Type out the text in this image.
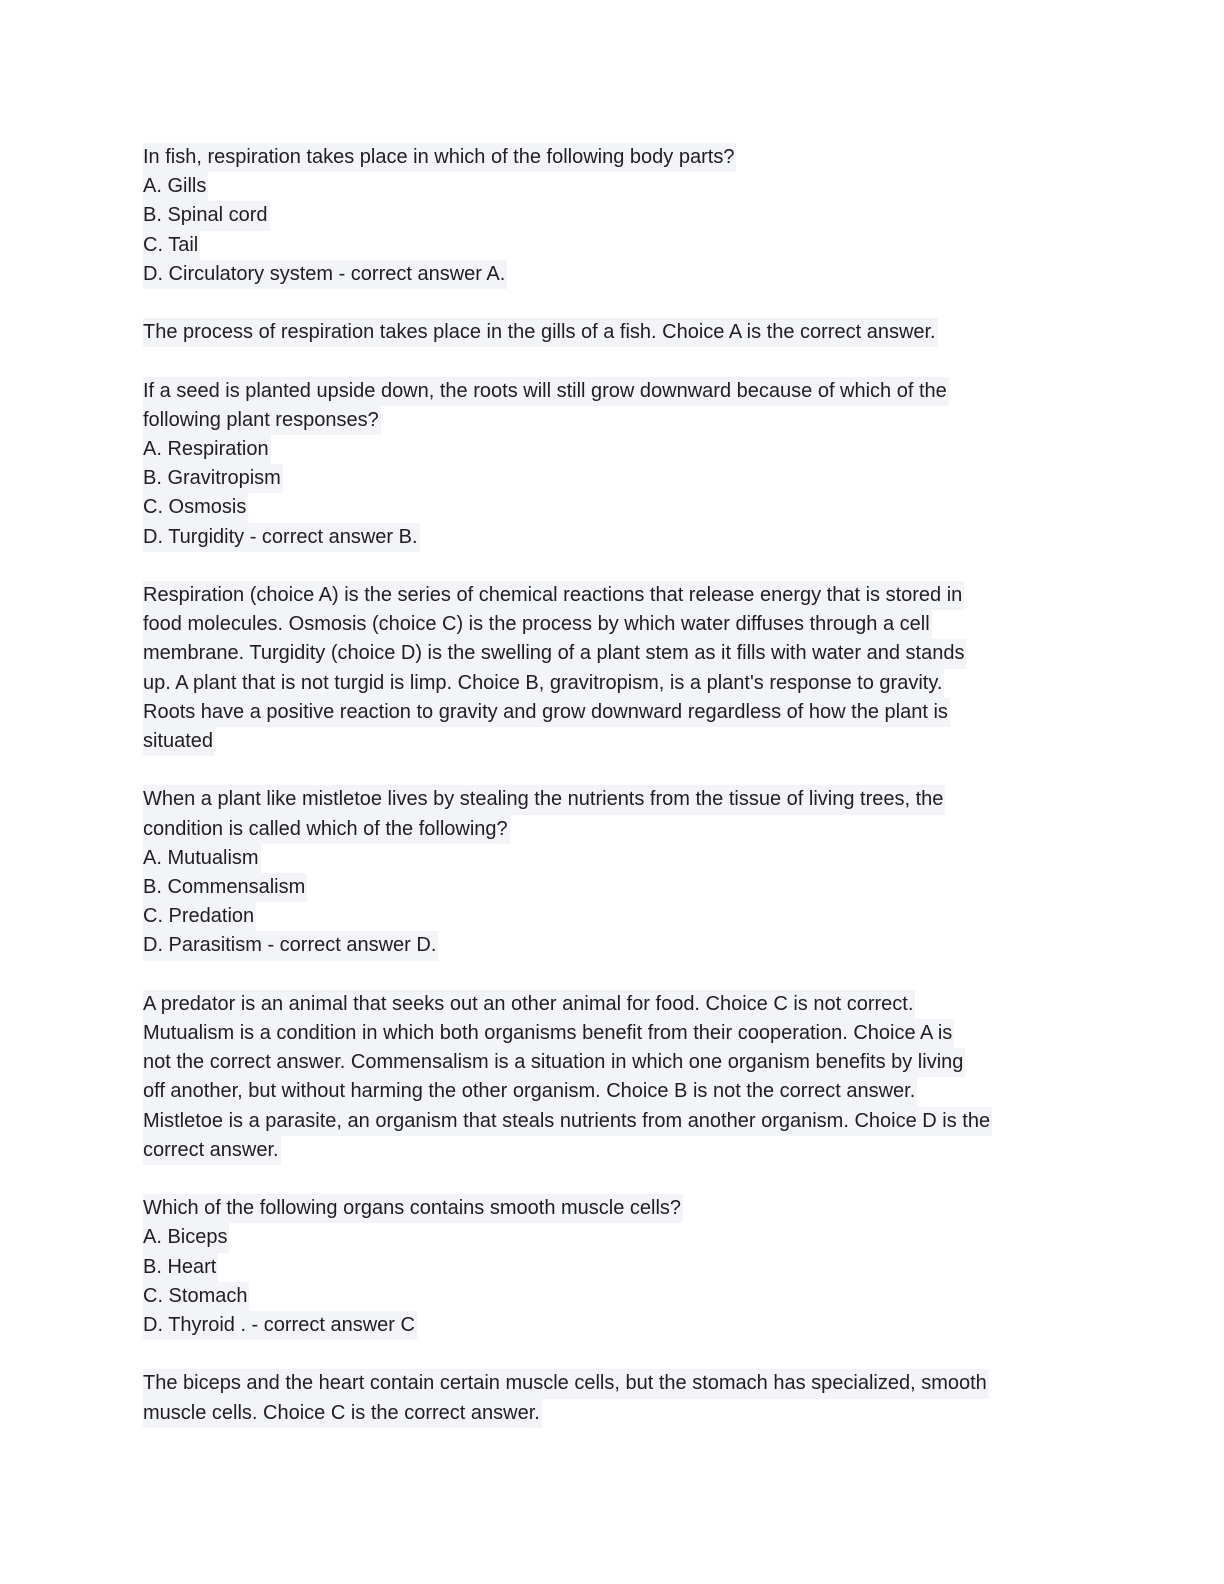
In fish, respiration takes place in which of the following body parts?
A. Gills
B. Spinal cord
C. Tail
D. Circulatory system - correct answer A.
The process of respiration takes place in the gills of a fish. Choice A is the correct answer.
If a seed is planted upside down, the roots will still grow downward because of which of the
following plant responses?
A. Respiration
B. Gravitropism
C. Osmosis
D. Turgidity - correct answer B.
Respiration (choice A) is the series of chemical reactions that release energy that is stored in
food molecules. Osmosis (choice C) is the process by which water diffuses through a cell
membrane. Turgidity (choice D) is the swelling of a plant stem as it fills with water and stands
up. A plant that is not turgid is limp. Choice B, gravitropism, is a plant's response to gravity.
Roots have a positive reaction to gravity and grow downward regardless of how the plant is
situated
When a plant like mistletoe lives by stealing the nutrients from the tissue of living trees, the
condition is called which of the following?
A. Mutualism
B. Commensalism
C. Predation
D. Parasitism - correct answer D.
A predator is an animal that seeks out an other animal for food. Choice C is not correct.
Mutualism is a condition in which both organisms benefit from their cooperation. Choice A is
not the correct answer. Commensalism is a situation in which one organism benefits by living
off another, but without harming the other organism. Choice B is not the correct answer.
Mistletoe is a parasite, an organism that steals nutrients from another organism. Choice D is the
correct answer.
Which of the following organs contains smooth muscle cells?
A. Biceps
B. Heart
C. Stomach
D. Thyroid . - correct answer C
The biceps and the heart contain certain muscle cells, but the stomach has specialized, smooth
muscle cells. Choice C is the correct answer.
